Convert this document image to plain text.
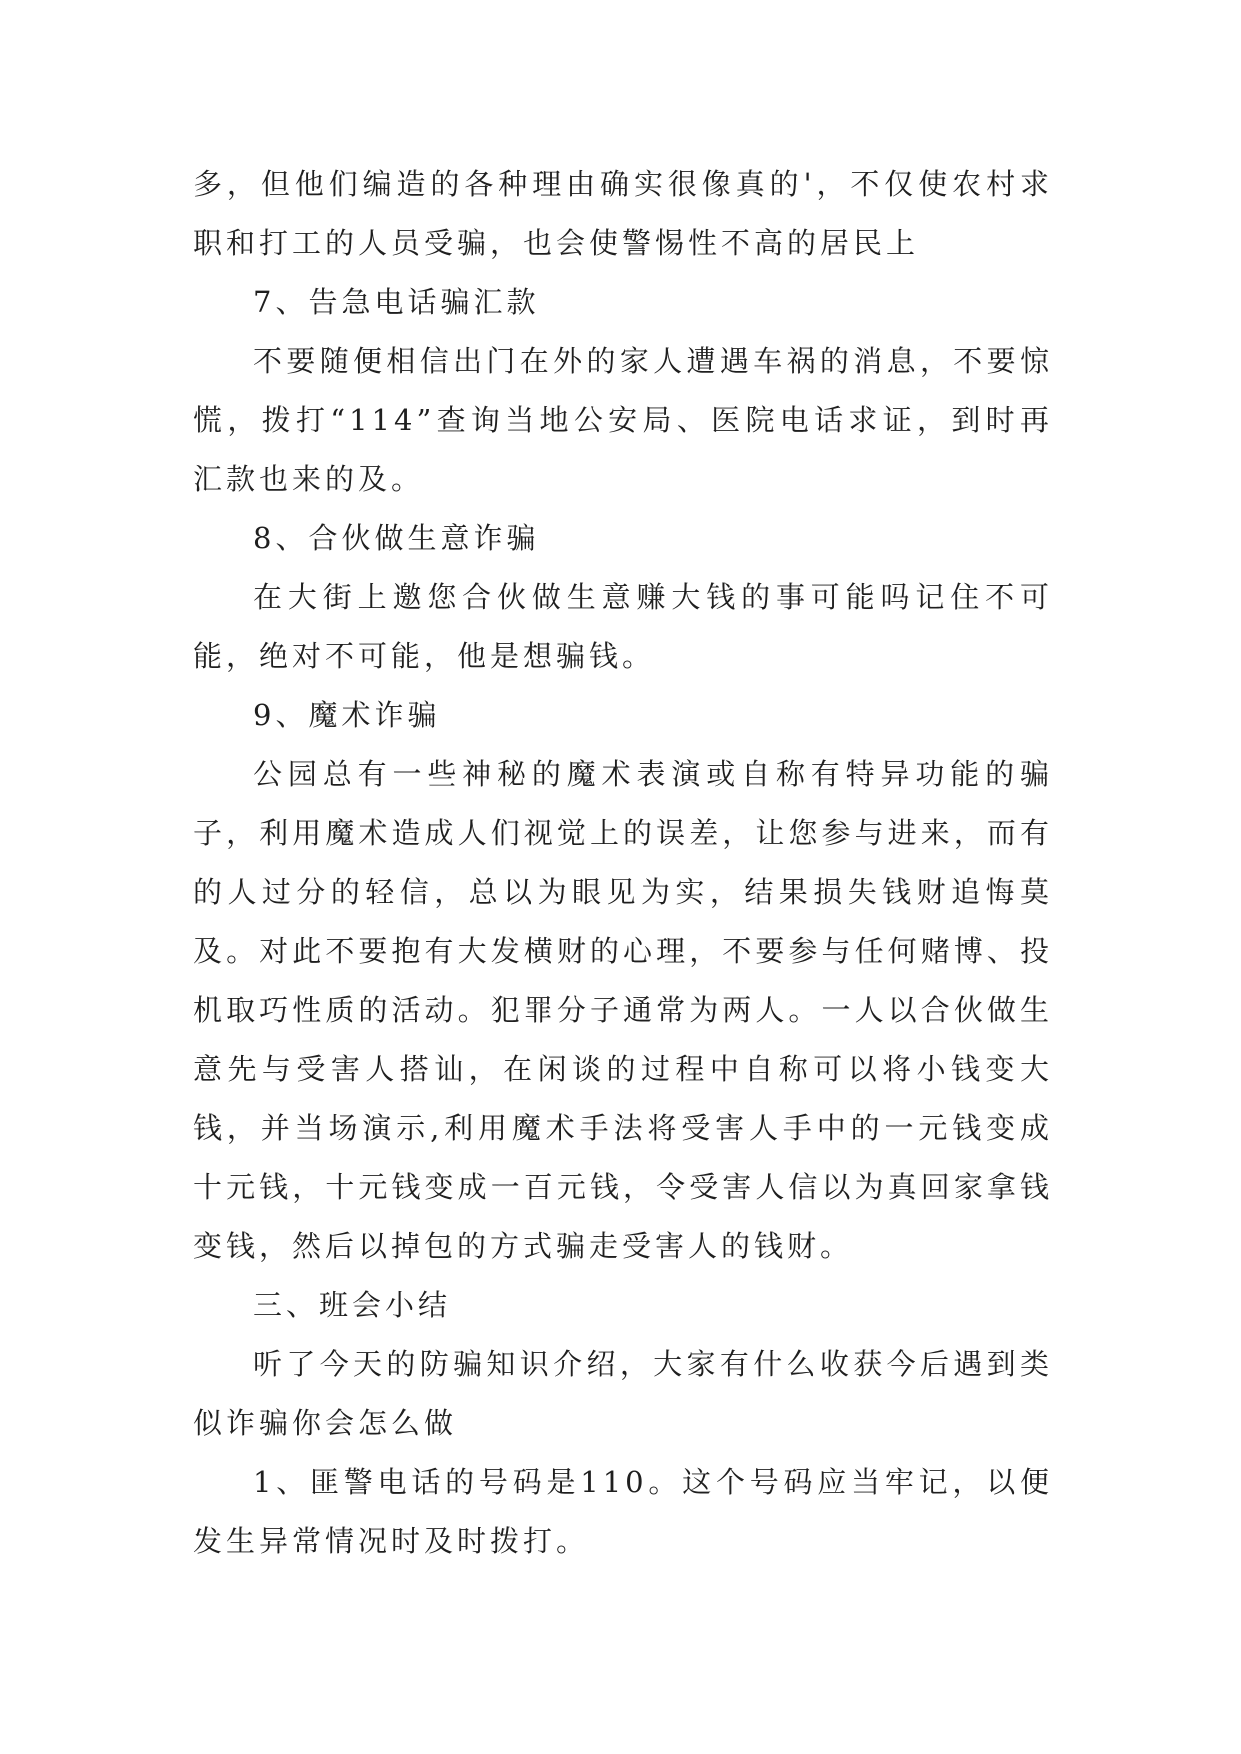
多，但他们编造的各种理由确实很像真的'，不仅使农村求职和打工的人员受骗，也会使警惕性不高的居民上

7、告急电话骗汇款

不要随便相信出门在外的家人遭遇车祸的消息，不要惊慌，拨打“114”查询当地公安局、医院电话求证，到时再汇款也来的及。

8、合伙做生意诈骗

在大街上邀您合伙做生意赚大钱的事可能吗记住不可能，绝对不可能，他是想骗钱。

9、魔术诈骗

公园总有一些神秘的魔术表演或自称有特异功能的骗子，利用魔术造成人们视觉上的误差，让您参与进来，而有的人过分的轻信，总以为眼见为实，结果损失钱财追悔莫及。对此不要抱有大发横财的心理，不要参与任何赌博、投机取巧性质的活动。犯罪分子通常为两人。一人以合伙做生意先与受害人搭讪，在闲谈的过程中自称可以将小钱变大钱，并当场演示,利用魔术手法将受害人手中的一元钱变成十元钱，十元钱变成一百元钱，令受害人信以为真回家拿钱变钱，然后以掉包的方式骗走受害人的钱财。

三、班会小结

听了今天的防骗知识介绍，大家有什么收获今后遇到类似诈骗你会怎么做

1、匪警电话的号码是110。这个号码应当牢记，以便发生异常情况时及时拨打。
